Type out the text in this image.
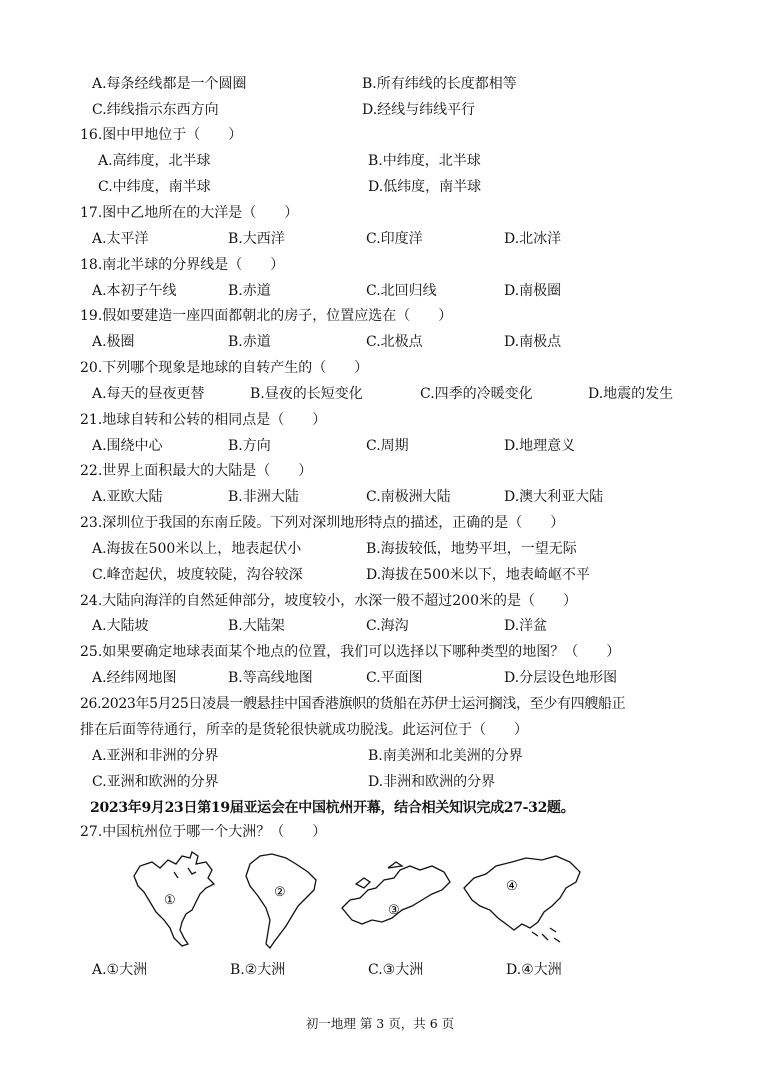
A.每条经线都是一个圆圈	B.所有纬线的长度都相等
C.纬线指示东西方向	D.经线与纬线平行
16.图中甲地位于（　　）
A.高纬度，北半球	B.中纬度，北半球
C.中纬度，南半球	D.低纬度，南半球
17.图中乙地所在的大洋是（　　）
A.太平洋	B.大西洋	C.印度洋	D.北冰洋
18.南北半球的分界线是（　　）
A.本初子午线	B.赤道	C.北回归线	D.南极圈
19.假如要建造一座四面都朝北的房子，位置应选在（　　）
A.极圈	B.赤道	C.北极点	D.南极点
20.下列哪个现象是地球的自转产生的（　　）
A.每天的昼夜更替	B.昼夜的长短变化	C.四季的冷暖变化	D.地震的发生
21.地球自转和公转的相同点是（　　）
A.围绕中心	B.方向	C.周期	D.地理意义
22.世界上面积最大的大陆是（　　）
A.亚欧大陆	B.非洲大陆	C.南极洲大陆	D.澳大利亚大陆
23.深圳位于我国的东南丘陵。下列对深圳地形特点的描述，正确的是（　　）
A.海拔在500米以上，地表起伏小	B.海拔较低，地势平坦，一望无际
C.峰峦起伏，坡度较陡，沟谷较深	D.海拔在500米以下，地表崎岖不平
24.大陆向海洋的自然延伸部分，坡度较小，水深一般不超过200米的是（　　）
A.大陆坡	B.大陆架	C.海沟	D.洋盆
25.如果要确定地球表面某个地点的位置，我们可以选择以下哪种类型的地图？（　　）
A.经纬网地图	B.等高线地图	C.平面图	D.分层设色地形图
26.2023年5月25日凌晨一艘悬挂中国香港旗帜的货船在苏伊士运河搁浅，至少有四艘船正
排在后面等待通行，所幸的是货轮很快就成功脱浅。此运河位于（　　）
A.亚洲和非洲的分界	B.南美洲和北美洲的分界
C.亚洲和欧洲的分界	D.非洲和欧洲的分界
2023年9月23日第19届亚运会在中国杭州开幕，结合相关知识完成27-32题。
27.中国杭州位于哪一个大洲？（　　）
①
②
③
④
A.①大洲	B.②大洲	C.③大洲	D.④大洲
初一地理 第 3 页，共 6 页
